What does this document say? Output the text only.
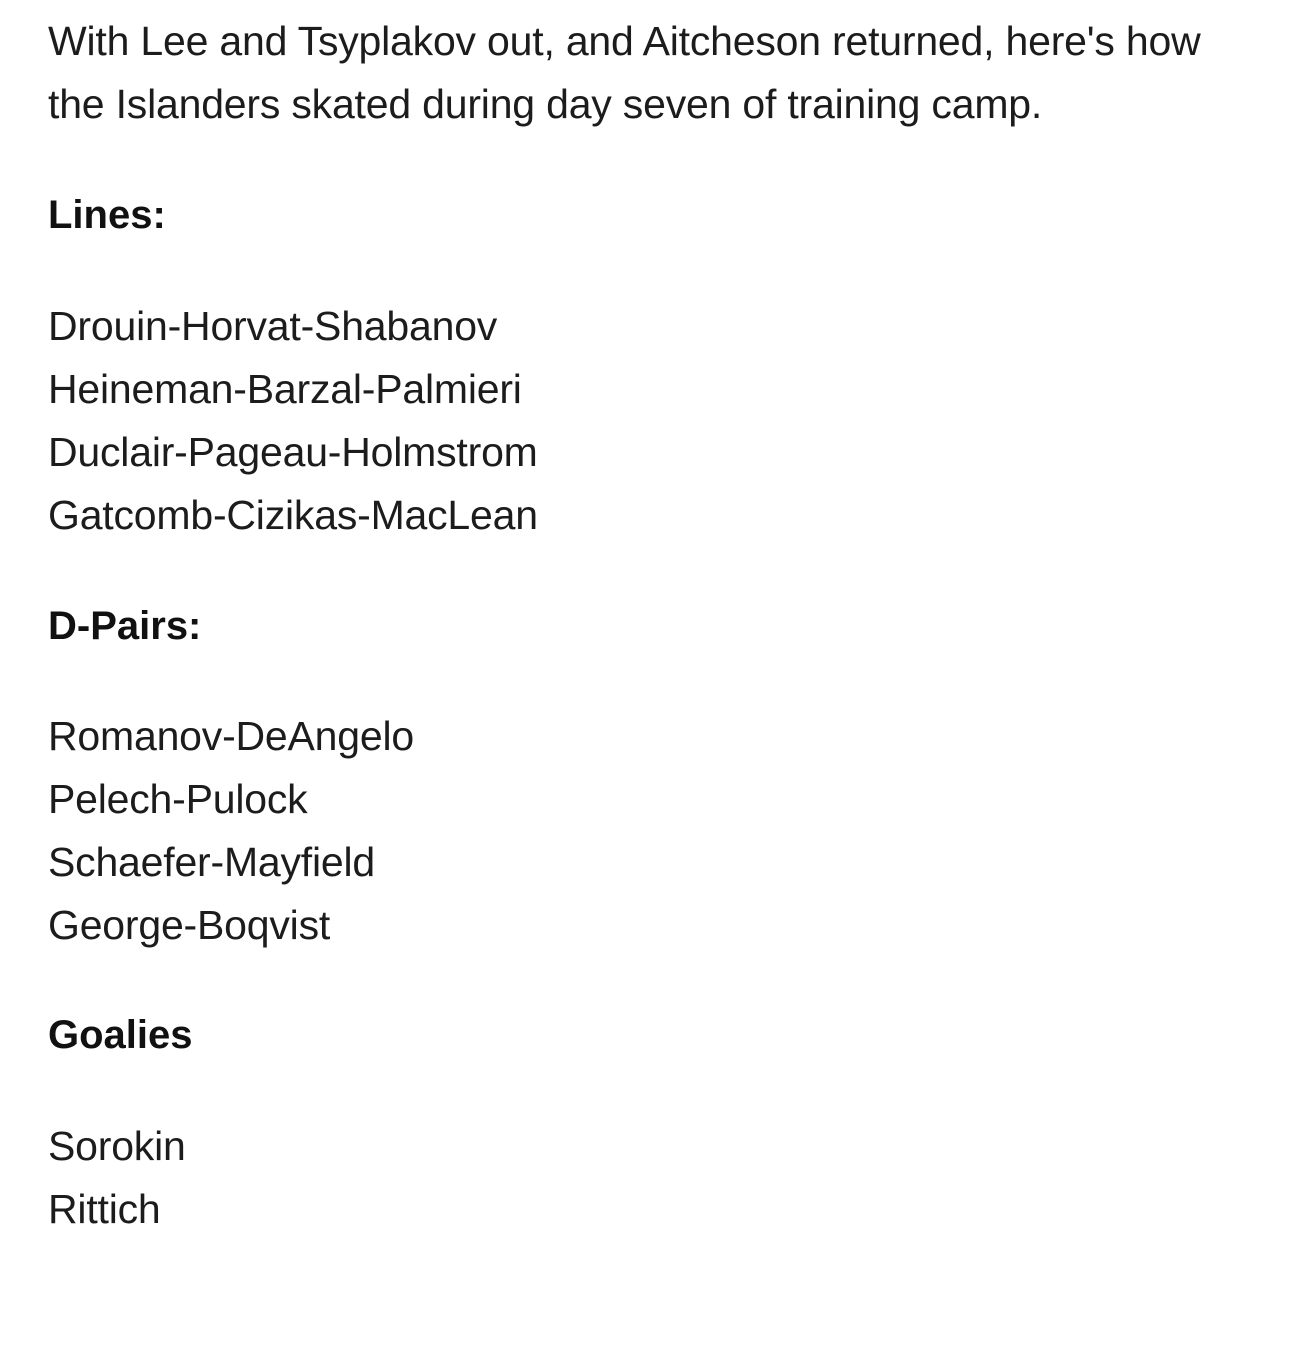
With Lee and Tsyplakov out, and Aitcheson returned, here's how the Islanders skated during day seven of training camp.

Lines:
Drouin-Horvat-Shabanov
Heineman-Barzal-Palmieri
Duclair-Pageau-Holmstrom
Gatcomb-Cizikas-MacLean
D-Pairs:
Romanov-DeAngelo
Pelech-Pulock
Schaefer-Mayfield
George-Boqvist
Goalies
Sorokin
Rittich
